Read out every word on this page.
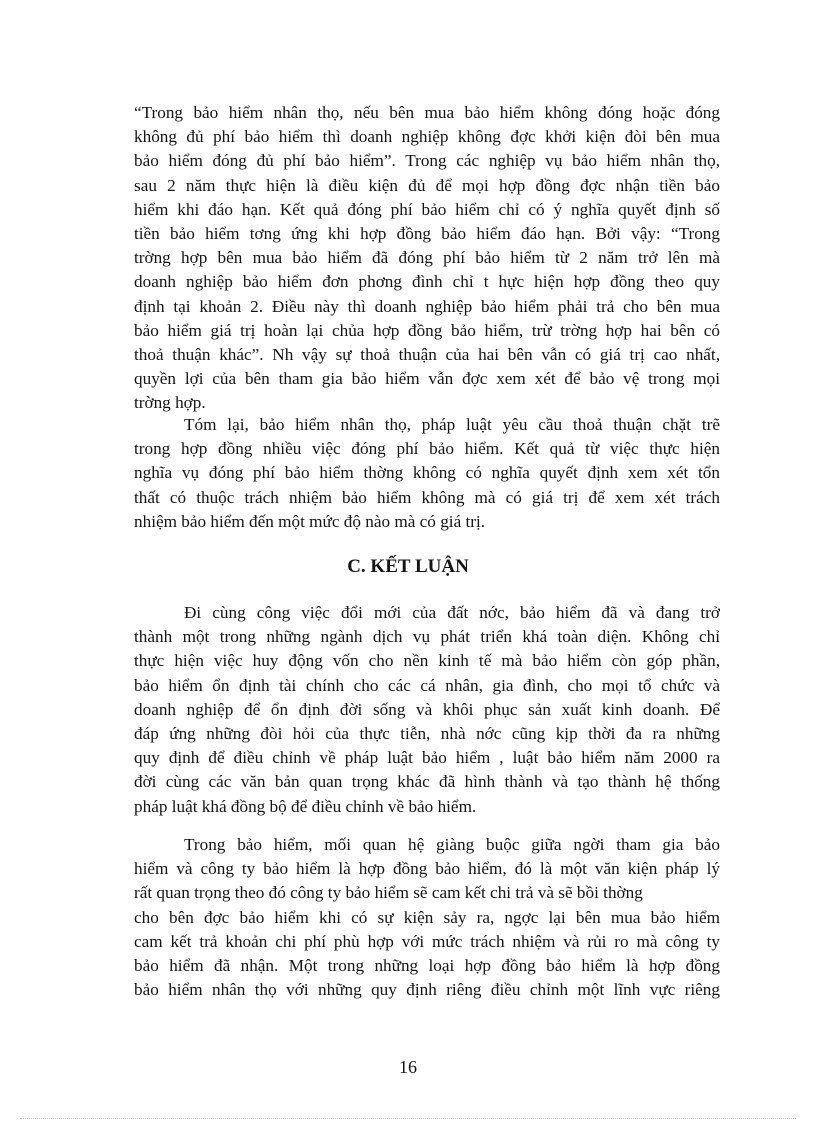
“Trong bảo hiểm nhân thọ, nếu bên mua bảo hiểm không đóng hoặc đóng
không đủ phí bảo hiểm thì doanh nghiệp không đợc khởi kiện đòi bên mua
bảo hiểm đóng đủ phí bảo hiểm”. Trong các nghiệp vụ bảo hiểm nhân thọ,
sau 2 năm thực hiện là điều kiện đủ để mọi hợp đồng đợc nhận tiền bảo
hiểm khi đáo hạn. Kết quả đóng phí bảo hiểm chỉ có ý nghĩa quyết định số
tiền bảo hiểm tơng ứng khi hợp đồng bảo hiểm đáo hạn. Bởi vậy: “Trong
trờng hợp bên mua bảo hiểm đã đóng phí bảo hiểm từ 2 năm trở lên mà
doanh nghiệp bảo hiểm đơn phơng đình chỉ t hực hiện hợp đồng theo quy
định tại khoản 2. Điều này thì doanh nghiệp bảo hiểm phải trả cho bên mua
bảo hiểm giá trị hoàn lại chủa hợp đồng bảo hiểm, trừ trờng hợp hai bên có
thoả thuận khác”. Nh vậy sự thoả thuận của hai bên vẫn có giá trị cao nhất,
quyền lợi của bên tham gia bảo hiểm vẫn đợc xem xét để bảo vệ trong mọi
trờng hợp.
Tóm lại, bảo hiểm nhân thọ, pháp luật yêu cầu thoả thuận chặt trẽ
trong hợp đồng nhiều việc đóng phí bảo hiểm. Kết quả từ việc thực hiện
nghĩa vụ đóng phí bảo hiểm thờng không có nghĩa quyết định xem xét tổn
thất có thuộc trách nhiệm bảo hiểm không mà có giá trị để xem xét trách
nhiệm bảo hiểm đến một mức độ nào mà có giá trị.
C. KẾT LUẬN
Đi cùng công việc đổi mới của đất nớc, bảo hiểm đã và đang trở
thành một trong những ngành dịch vụ phát triển khá toàn diện. Không chỉ
thực hiện việc huy động vốn cho nền kinh tế mà bảo hiểm còn góp phần,
bảo hiểm ổn định tài chính cho các cá nhân, gia đình, cho mọi tổ chức và
doanh nghiệp để ổn định đời sống và khôi phục sản xuất kinh doanh. Để
đáp ứng những đòi hỏi của thực tiễn, nhà nớc cũng kịp thời đa ra những
quy định để điều chỉnh về pháp luật bảo hiểm , luật bảo hiểm năm 2000 ra
đời cùng các văn bản quan trọng khác đã hình thành và tạo thành hệ thống
pháp luật khá đồng bộ để điều chỉnh về bảo hiểm.
Trong bảo hiểm, mối quan hệ giàng buộc giữa ngời tham gia bảo
hiểm và công ty bảo hiểm là hợp đồng bảo hiểm, đó là một văn kiện pháp lý
rất quan trọng theo đó công ty bảo hiểm sẽ cam kết chi trả và sẽ bồi thờng
cho bên đợc bảo hiểm khi có sự kiện sảy ra, ngợc lại bên mua bảo hiểm
cam kết trả khoản chi phí phù hợp với mức trách nhiệm và rủi ro mà công ty
bảo hiểm đã nhận. Một trong những loại hợp đồng bảo hiểm là hợp đồng
bảo hiểm nhân thọ với những quy định riêng điều chỉnh một lĩnh vực riêng
16
